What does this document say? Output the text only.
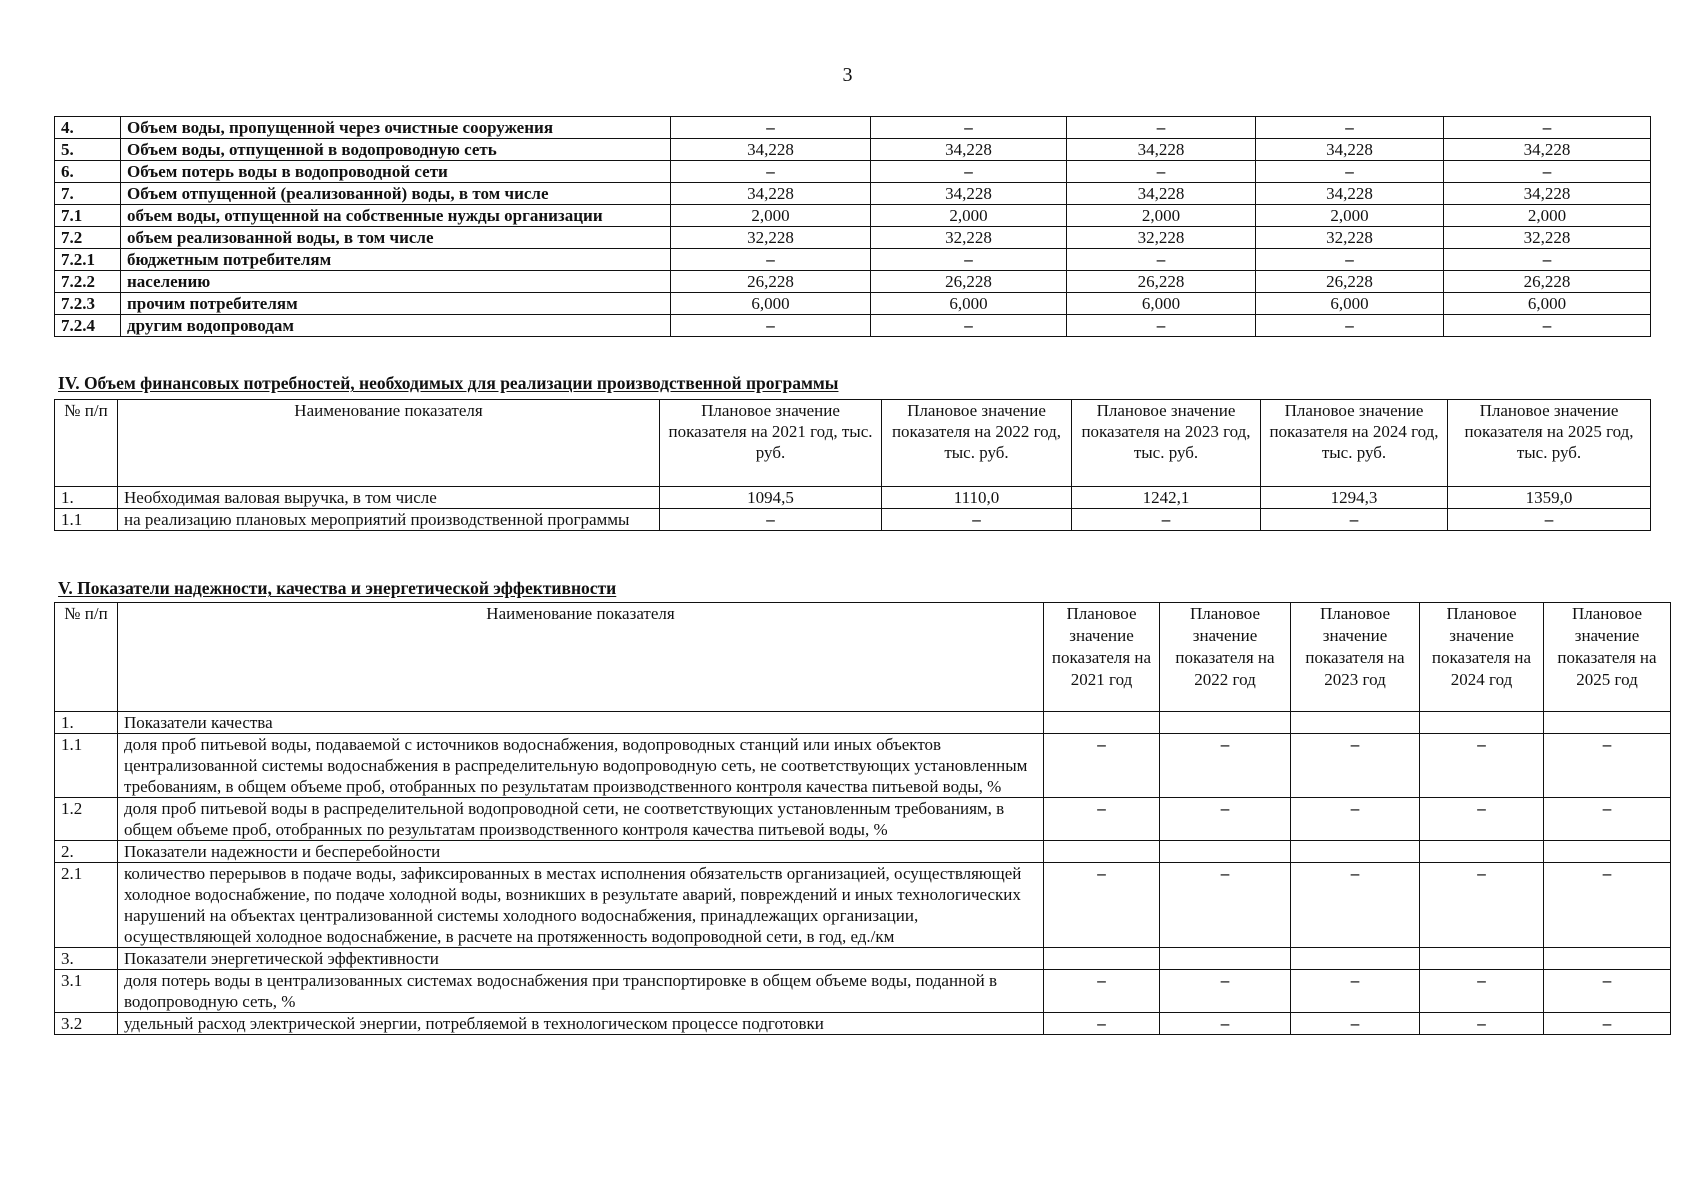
3
4.	Объем воды, пропущенной через очистные сооружения	–	–	–	–	–
5.	Объем воды, отпущенной в водопроводную сеть	34,228	34,228	34,228	34,228	34,228
6.	Объем потерь воды в водопроводной сети	–	–	–	–	–
7.	Объем отпущенной (реализованной) воды, в том числе	34,228	34,228	34,228	34,228	34,228
7.1	объем воды, отпущенной на собственные нужды организации	2,000	2,000	2,000	2,000	2,000
7.2	объем реализованной воды, в том числе	32,228	32,228	32,228	32,228	32,228
7.2.1	бюджетным потребителям	–	–	–	–	–
7.2.2	населению	26,228	26,228	26,228	26,228	26,228
7.2.3	прочим потребителям	6,000	6,000	6,000	6,000	6,000
7.2.4	другим водопроводам	–	–	–	–	–
IV. Объем финансовых потребностей, необходимых для реализации производственной программы
№ п/п	Наименование показателя	Плановое значение показателя на 2021 год, тыс. руб.	Плановое значение показателя на 2022 год, тыс. руб.	Плановое значение показателя на 2023 год, тыс. руб.	Плановое значение показателя на 2024 год, тыс. руб.	Плановое значение показателя на 2025 год, тыс. руб.
1.	Необходимая валовая выручка, в том числе	1094,5	1110,0	1242,1	1294,3	1359,0
1.1	на реализацию плановых мероприятий производственной программы	–	–	–	–	–
V. Показатели надежности, качества и энергетической эффективности
№ п/п	Наименование показателя	Плановое значение показателя на 2021 год	Плановое значение показателя на 2022 год	Плановое значение показателя на 2023 год	Плановое значение показателя на 2024 год	Плановое значение показателя на 2025 год
1.	Показатели качества					
1.1	доля проб питьевой воды, подаваемой с источников водоснабжения, водопроводных станций или иных объектов централизованной системы водоснабжения в распределительную водопроводную сеть, не соответствующих установленным требованиям, в общем объеме проб, отобранных по результатам производственного контроля качества питьевой воды, %	–	–	–	–	–
1.2	доля проб питьевой воды в распределительной водопроводной сети, не соответствующих установленным требованиям, в общем объеме проб, отобранных по результатам производственного контроля качества питьевой воды, %	–	–	–	–	–
2.	Показатели надежности и бесперебойности					
2.1	количество перерывов в подаче воды, зафиксированных в местах исполнения обязательств организацией, осуществляющей холодное водоснабжение, по подаче холодной воды, возникших в результате аварий, повреждений и иных технологических нарушений на объектах централизованной системы холодного водоснабжения, принадлежащих организации, осуществляющей холодное водоснабжение, в расчете на протяженность водопроводной сети, в год, ед./км	–	–	–	–	–
3.	Показатели энергетической эффективности					
3.1	доля потерь воды в централизованных системах водоснабжения при транспортировке в общем объеме воды, поданной в водопроводную сеть, %	–	–	–	–	–
3.2	удельный расход электрической энергии, потребляемой в технологическом процессе подготовки	–	–	–	–	–
